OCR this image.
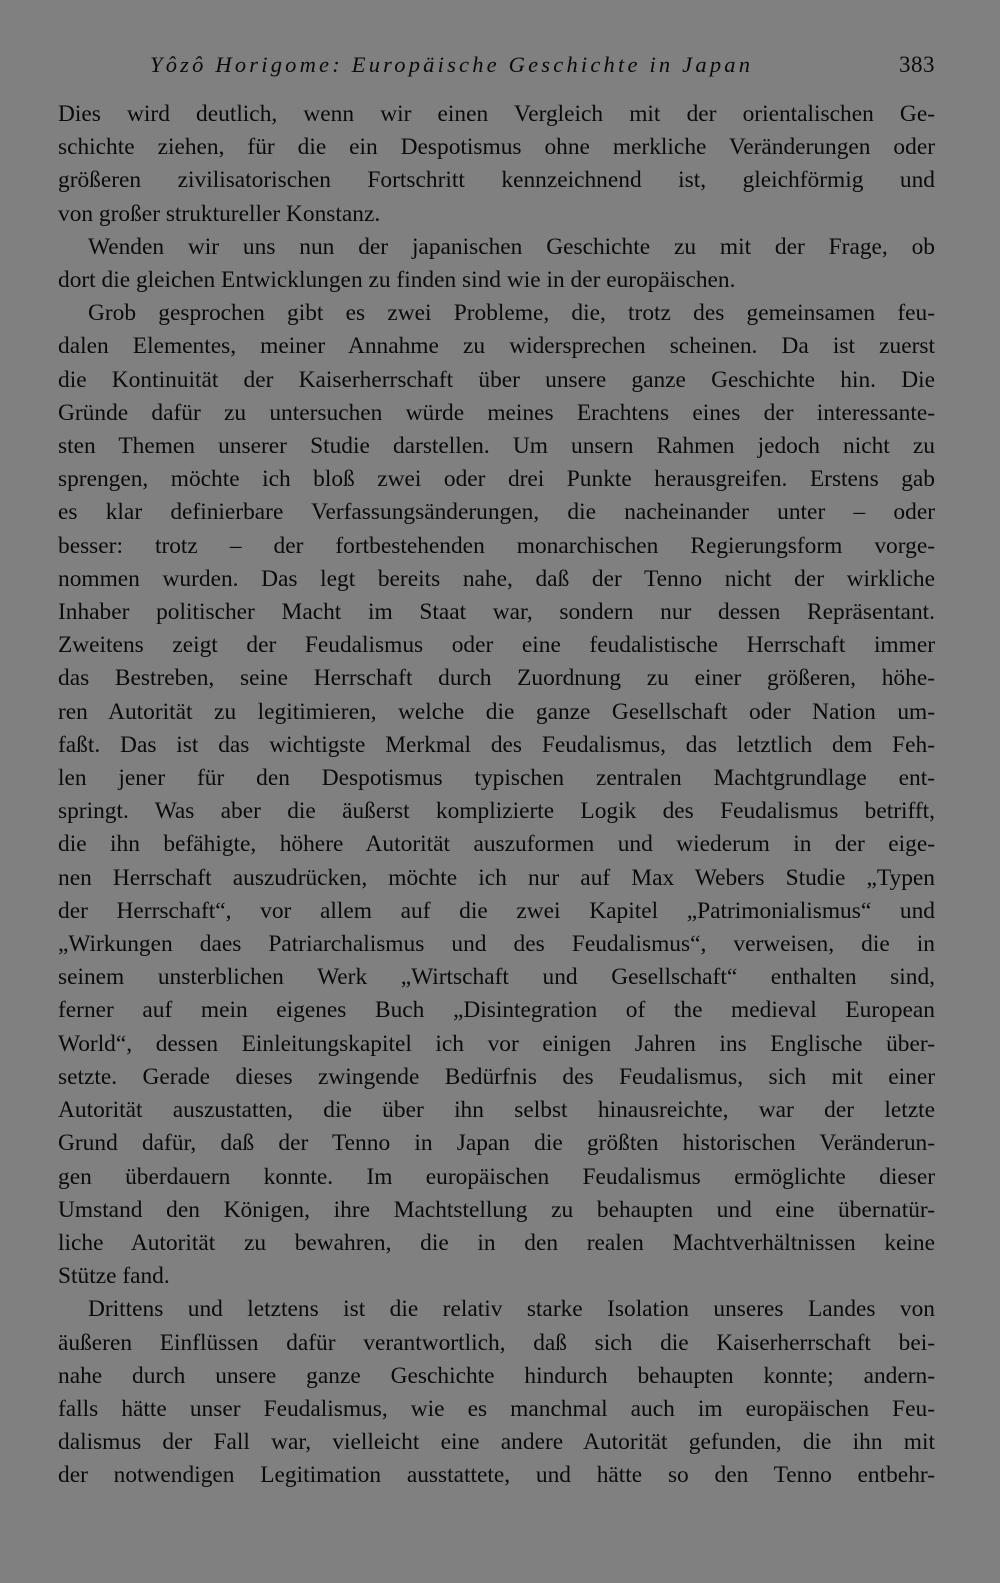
Yôzô Horigome: Europäische Geschichte in Japan	383

Dies wird deutlich, wenn wir einen Vergleich mit der orientalischen Ge-
schichte ziehen, für die ein Despotismus ohne merkliche Veränderungen oder
größeren zivilisatorischen Fortschritt kennzeichnend ist, gleichförmig und
von großer struktureller Konstanz.

Wenden wir uns nun der japanischen Geschichte zu mit der Frage, ob
dort die gleichen Entwicklungen zu finden sind wie in der europäischen.

Grob gesprochen gibt es zwei Probleme, die, trotz des gemeinsamen feu-
dalen Elementes, meiner Annahme zu widersprechen scheinen. Da ist zuerst
die Kontinuität der Kaiserherrschaft über unsere ganze Geschichte hin. Die
Gründe dafür zu untersuchen würde meines Erachtens eines der interessante-
sten Themen unserer Studie darstellen. Um unsern Rahmen jedoch nicht zu
sprengen, möchte ich bloß zwei oder drei Punkte herausgreifen. Erstens gab
es klar definierbare Verfassungsänderungen, die nacheinander unter – oder
besser: trotz – der fortbestehenden monarchischen Regierungsform vorge-
nommen wurden. Das legt bereits nahe, daß der Tenno nicht der wirkliche
Inhaber politischer Macht im Staat war, sondern nur dessen Repräsentant.
Zweitens zeigt der Feudalismus oder eine feudalistische Herrschaft immer
das Bestreben, seine Herrschaft durch Zuordnung zu einer größeren, höhe-
ren Autorität zu legitimieren, welche die ganze Gesellschaft oder Nation um-
faßt. Das ist das wichtigste Merkmal des Feudalismus, das letztlich dem Feh-
len jener für den Despotismus typischen zentralen Machtgrundlage ent-
springt. Was aber die äußerst komplizierte Logik des Feudalismus betrifft,
die ihn befähigte, höhere Autorität auszuformen und wiederum in der eige-
nen Herrschaft auszudrücken, möchte ich nur auf Max Webers Studie „Typen
der Herrschaft“, vor allem auf die zwei Kapitel „Patrimonialismus“ und
„Wirkungen daes Patriarchalismus und des Feudalismus“, verweisen, die in
seinem unsterblichen Werk „Wirtschaft und Gesellschaft“ enthalten sind,
ferner auf mein eigenes Buch „Disintegration of the medieval European
World“, dessen Einleitungskapitel ich vor einigen Jahren ins Englische über-
setzte. Gerade dieses zwingende Bedürfnis des Feudalismus, sich mit einer
Autorität auszustatten, die über ihn selbst hinausreichte, war der letzte
Grund dafür, daß der Tenno in Japan die größten historischen Veränderun-
gen überdauern konnte. Im europäischen Feudalismus ermöglichte dieser
Umstand den Königen, ihre Machtstellung zu behaupten und eine übernatür-
liche Autorität zu bewahren, die in den realen Machtverhältnissen keine
Stütze fand.

Drittens und letztens ist die relativ starke Isolation unseres Landes von
äußeren Einflüssen dafür verantwortlich, daß sich die Kaiserherrschaft bei-
nahe durch unsere ganze Geschichte hindurch behaupten konnte; andern-
falls hätte unser Feudalismus, wie es manchmal auch im europäischen Feu-
dalismus der Fall war, vielleicht eine andere Autorität gefunden, die ihn mit
der notwendigen Legitimation ausstattete, und hätte so den Tenno entbehr-
